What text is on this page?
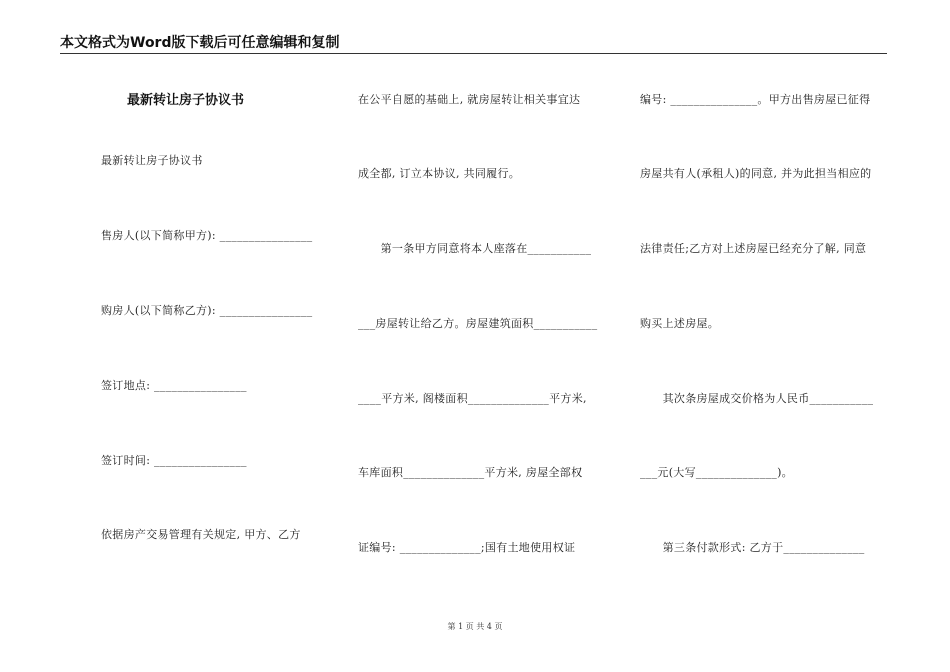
本文格式为Word版下载后可任意编辑和复制
最新转让房子协议书
最新转让房子协议书
售房人(以下简称甲方): ________________
购房人(以下简称乙方): ________________
签订地点: ________________
签订时间: ________________
依据房产交易管理有关规定, 甲方、乙方
在公平自愿的基础上, 就房屋转让相关事宜达
成全都, 订立本协议, 共同履行。
　　第一条甲方同意将本人座落在___________
___房屋转让给乙方。房屋建筑面积___________
____平方米, 阁楼面积______________平方米,
车库面积______________平方米, 房屋全部权
证编号: ______________;国有土地使用权证
编号: _______________。甲方出售房屋已征得
房屋共有人(承租人)的同意, 并为此担当相应的
法律责任;乙方对上述房屋已经充分了解, 同意
购买上述房屋。
　　其次条房屋成交价格为人民币___________
___元(大写______________)。
　　第三条付款形式: 乙方于______________
第 1 页 共 4 页
